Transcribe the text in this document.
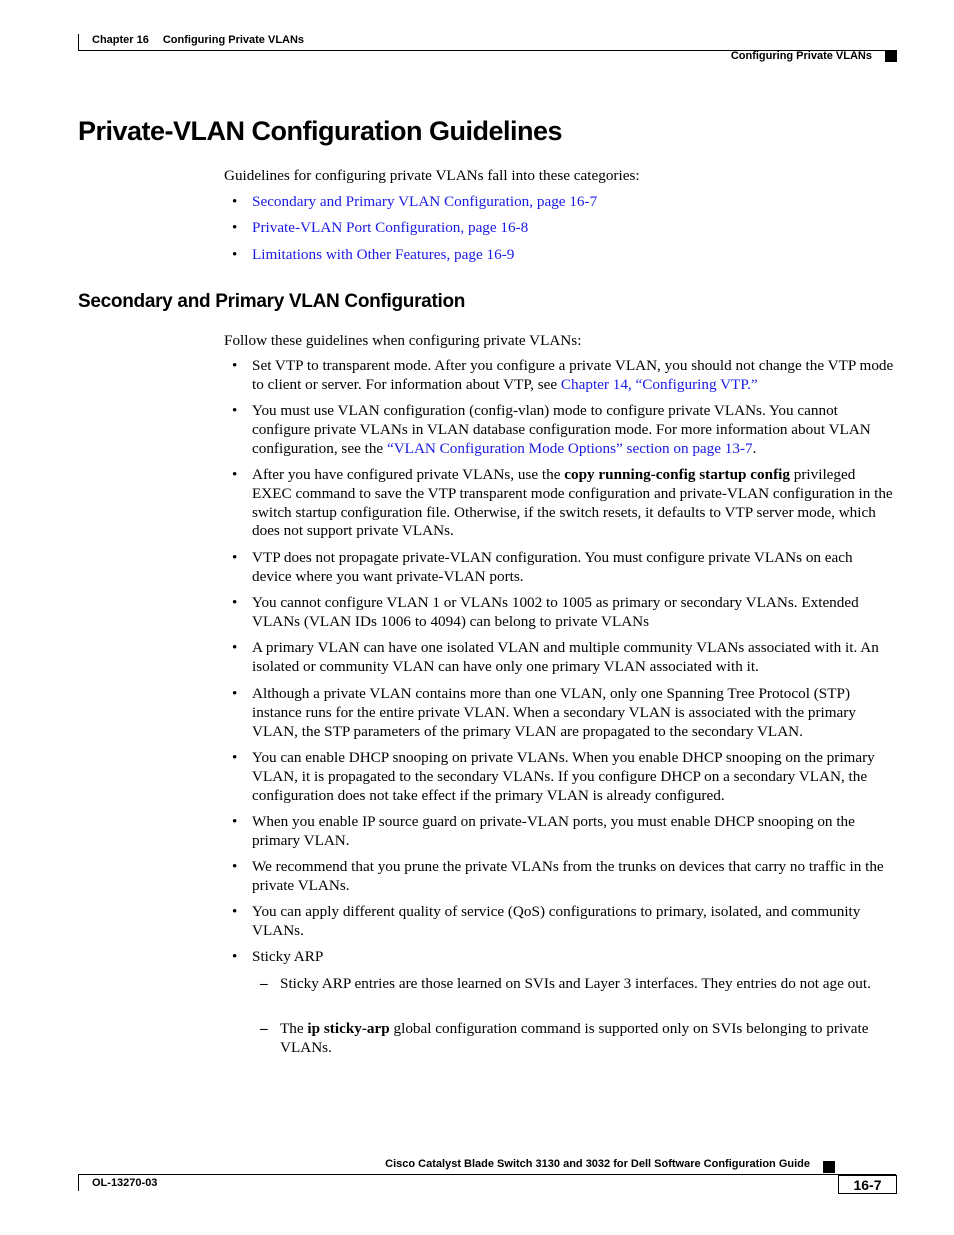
Chapter 16 Configuring Private VLANs
Configuring Private VLANs
Private-VLAN Configuration Guidelines
Guidelines for configuring private VLANs fall into these categories:
• Secondary and Primary VLAN Configuration, page 16-7
• Private-VLAN Port Configuration, page 16-8
• Limitations with Other Features, page 16-9
Secondary and Primary VLAN Configuration
Follow these guidelines when configuring private VLANs:
• Set VTP to transparent mode. After you configure a private VLAN, you should not change the VTP mode to client or server. For information about VTP, see Chapter 14, “Configuring VTP.”
• You must use VLAN configuration (config-vlan) mode to configure private VLANs. You cannot configure private VLANs in VLAN database configuration mode. For more information about VLAN configuration, see the “VLAN Configuration Mode Options” section on page 13-7.
• After you have configured private VLANs, use the copy running-config startup config privileged EXEC command to save the VTP transparent mode configuration and private-VLAN configuration in the switch startup configuration file. Otherwise, if the switch resets, it defaults to VTP server mode, which does not support private VLANs.
• VTP does not propagate private-VLAN configuration. You must configure private VLANs on each device where you want private-VLAN ports.
• You cannot configure VLAN 1 or VLANs 1002 to 1005 as primary or secondary VLANs. Extended VLANs (VLAN IDs 1006 to 4094) can belong to private VLANs
• A primary VLAN can have one isolated VLAN and multiple community VLANs associated with it. An isolated or community VLAN can have only one primary VLAN associated with it.
• Although a private VLAN contains more than one VLAN, only one Spanning Tree Protocol (STP) instance runs for the entire private VLAN. When a secondary VLAN is associated with the primary VLAN, the STP parameters of the primary VLAN are propagated to the secondary VLAN.
• You can enable DHCP snooping on private VLANs. When you enable DHCP snooping on the primary VLAN, it is propagated to the secondary VLANs. If you configure DHCP on a secondary VLAN, the configuration does not take effect if the primary VLAN is already configured.
• When you enable IP source guard on private-VLAN ports, you must enable DHCP snooping on the primary VLAN.
• We recommend that you prune the private VLANs from the trunks on devices that carry no traffic in the private VLANs.
• You can apply different quality of service (QoS) configurations to primary, isolated, and community VLANs.
• Sticky ARP
– Sticky ARP entries are those learned on SVIs and Layer 3 interfaces. They entries do not age out.
– The ip sticky-arp global configuration command is supported only on SVIs belonging to private VLANs.
Cisco Catalyst Blade Switch 3130 and 3032 for Dell Software Configuration Guide
OL-13270-03	16-7
